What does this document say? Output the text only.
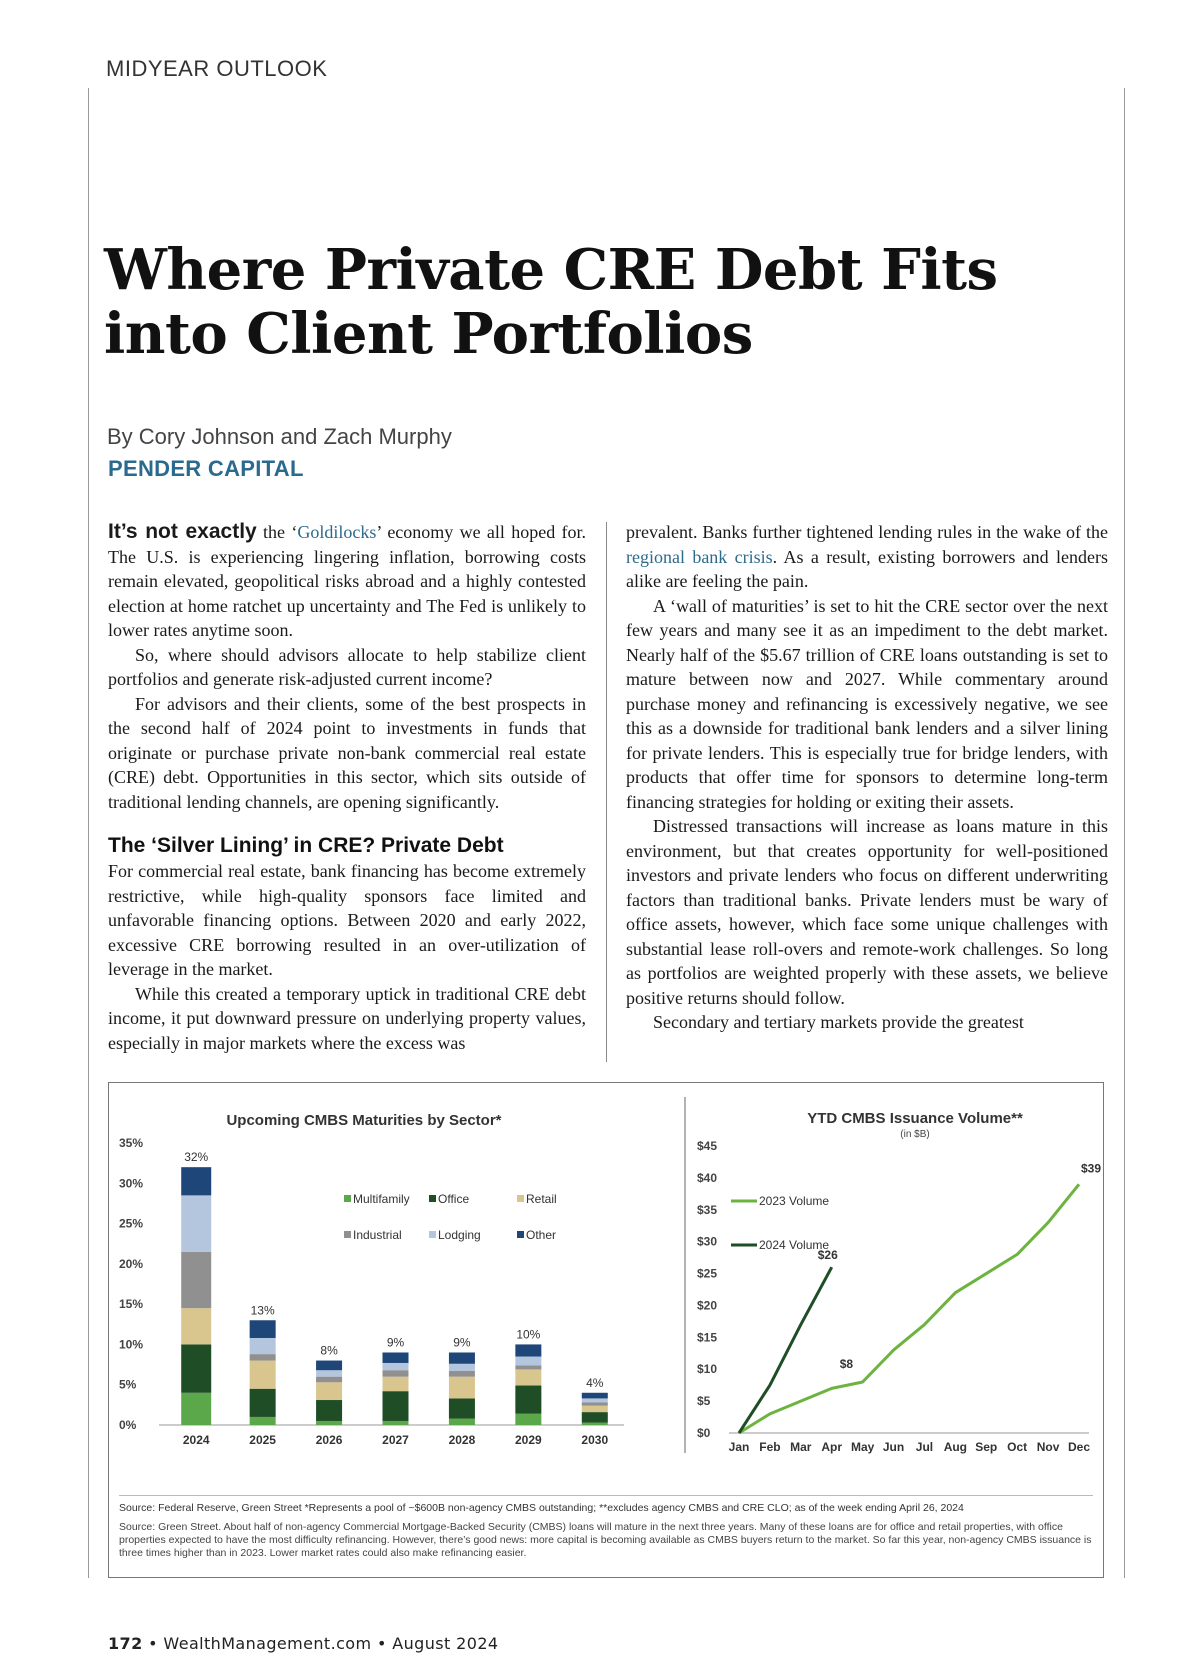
MIDYEAR OUTLOOK
Where Private CRE Debt Fits into Client Portfolios
By Cory Johnson and Zach Murphy
PENDER CAPITAL

It’s not exactly the ‘Goldilocks’ economy we all hoped for. The U.S. is experiencing lingering inflation, borrowing costs remain elevated, geopolitical risks abroad and a highly contested election at home ratchet up uncertainty and The Fed is unlikely to lower rates anytime soon.

So, where should advisors allocate to help stabilize client portfolios and generate risk-adjusted current income?

For advisors and their clients, some of the best prospects in the second half of 2024 point to investments in funds that originate or purchase private non-bank commercial real estate (CRE) debt. Opportunities in this sector, which sits outside of traditional lending channels, are opening significantly.

The ‘Silver Lining’ in CRE? Private Debt

For commercial real estate, bank financing has become extremely restrictive, while high-quality sponsors face limited and unfavorable financing options. Between 2020 and early 2022, excessive CRE borrowing resulted in an over-utilization of leverage in the market.

While this created a temporary uptick in traditional CRE debt income, it put downward pressure on underlying property values, especially in major markets where the excess was

prevalent. Banks further tightened lending rules in the wake of the regional bank crisis. As a result, existing borrowers and lenders alike are feeling the pain.

A ‘wall of maturities’ is set to hit the CRE sector over the next few years and many see it as an impediment to the debt market. Nearly half of the $5.67 trillion of CRE loans outstanding is set to mature between now and 2027. While commentary around purchase money and refinancing is excessively negative, we see this as a downside for traditional bank lenders and a silver lining for private lenders. This is especially true for bridge lenders, with products that offer time for sponsors to determine long-term financing strategies for holding or exiting their assets.

Distressed transactions will increase as loans mature in this environment, but that creates opportunity for well-positioned investors and private lenders who focus on different underwriting factors than traditional banks. Private lenders must be wary of office assets, however, which face some unique challenges with substantial lease roll-overs and remote-work challenges. So long as portfolios are weighted properly with these assets, we believe positive returns should follow.

Secondary and tertiary markets provide the greatest

Upcoming CMBS Maturities by Sector*
0%
5%
10%
15%
20%
25%
30%
35%
32%
2024
13%
2025
8%
2026
9%
2027
9%
2028
10%
2029
4%
2030
Multifamily Office	Retail
Industrial	Lodging	Other
YTD CMBS Issuance Volume**
(in $B)
$0
$5
$10
$15
$20
$25
$30
$35
$40
$45
Jan Feb Mar Apr May Jun Jul Aug Sep Oct Nov Dec
$39
2023 Volume
$26
2024 Volume
$8
Source: Federal Reserve, Green Street *Represents a pool of ~$600B non-agency CMBS outstanding; **excludes agency CMBS and CRE CLO; as of the week ending April 26, 2024
Source: Green Street. About half of non-agency Commercial Mortgage-Backed Security (CMBS) loans will mature in the next three years. Many of these loans are for office and retail properties, with office properties expected to have the most difficulty refinancing. However, there’s good news: more capital is becoming available as CMBS buyers return to the market. So far this year, non-agency CMBS issuance is three times higher than in 2023. Lower market rates could also make refinancing easier.
172 • WealthManagement.com • August 2024
